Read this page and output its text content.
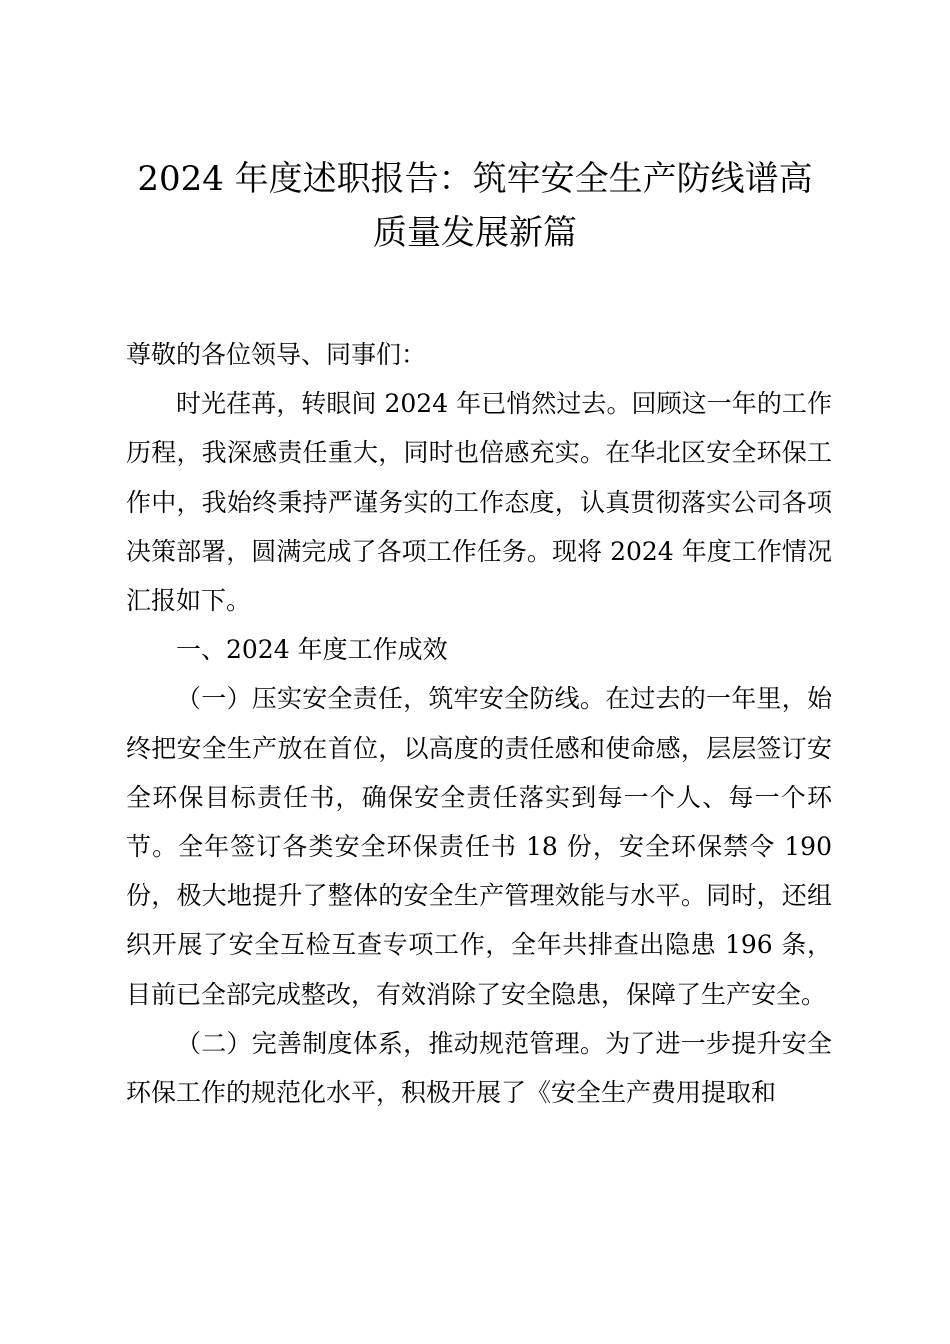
2024 年度述职报告：筑牢安全生产防线谱高
质量发展新篇

尊敬的各位领导、同事们：

时光荏苒，转眼间 2024 年已悄然过去。回顾这一年的工作历程，我深感责任重大，同时也倍感充实。在华北区安全环保工作中，我始终秉持严谨务实的工作态度，认真贯彻落实公司各项决策部署，圆满完成了各项工作任务。现将 2024 年度工作情况汇报如下。

一、2024 年度工作成效

（一）压实安全责任，筑牢安全防线。在过去的一年里，始终把安全生产放在首位，以高度的责任感和使命感，层层签订安全环保目标责任书，确保安全责任落实到每一个人、每一个环节。全年签订各类安全环保责任书 18 份，安全环保禁令 190 份，极大地提升了整体的安全生产管理效能与水平。同时，还组织开展了安全互检互查专项工作，全年共排查出隐患 196 条，目前已全部完成整改，有效消除了安全隐患，保障了生产安全。

（二）完善制度体系，推动规范管理。为了进一步提升安全环保工作的规范化水平，积极开展了《安全生产费用提取和
